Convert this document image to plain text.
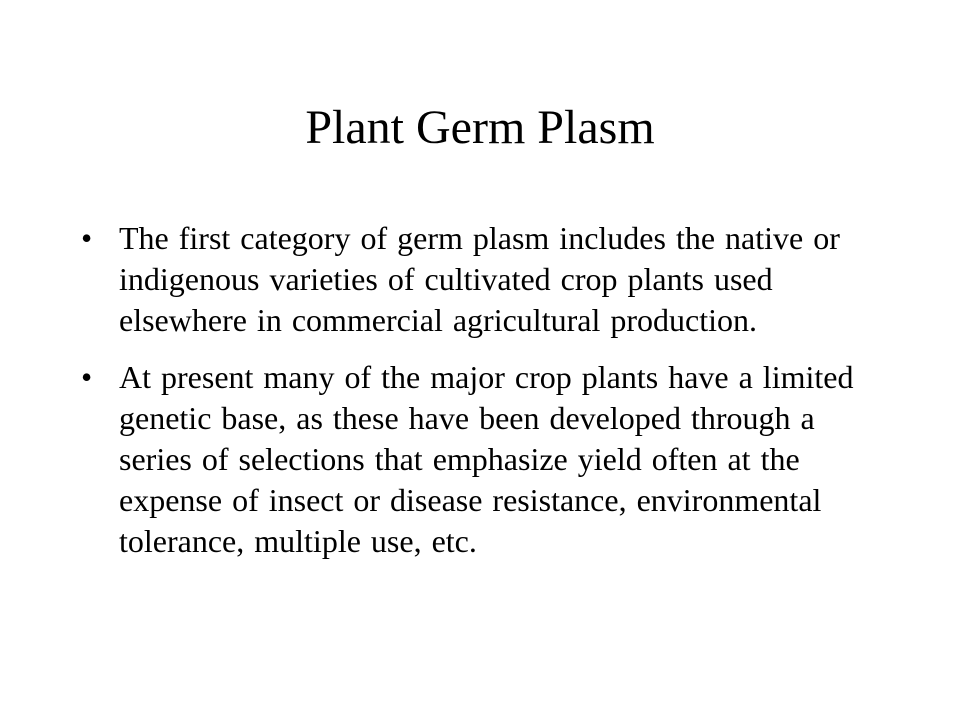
Plant Germ Plasm
• The first category of germ plasm includes the native or indigenous varieties of cultivated crop plants used elsewhere in commercial agricultural production.
• At present many of the major crop plants have a limited genetic base, as these have been developed through a series of selections that emphasize yield often at the expense of insect or disease resistance, environmental tolerance, multiple use, etc.
